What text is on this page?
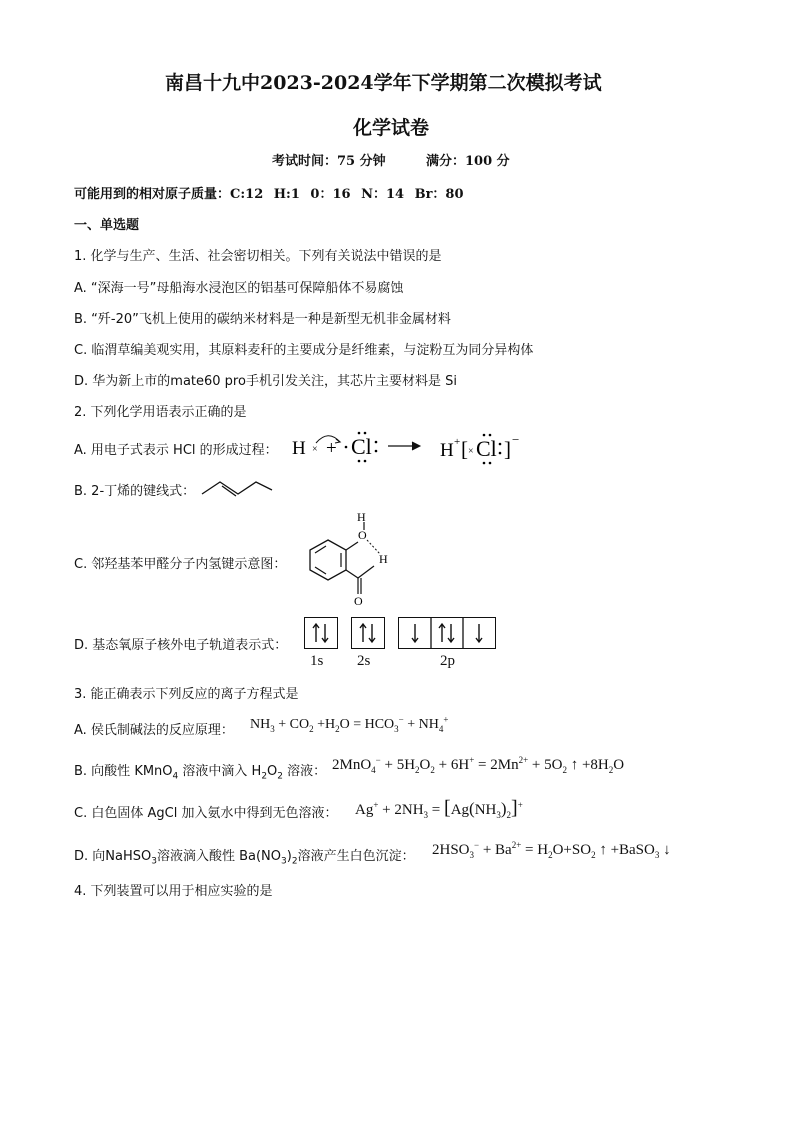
南昌十九中2023-2024学年下学期第二次模拟考试
化学试卷
考试时间：75 分钟	满分：100 分
可能用到的相对原子质量：C:12 H:1 0：16 N：14 Br：80
一、单选题
1. 化学与生产、生活、社会密切相关。下列有关说法中错误的是
A. “深海一号”母船海水浸泡区的铝基可保障船体不易腐蚀
B. “歼-20”飞机上使用的碳纳米材料是一种是新型无机非金属材料
C. 临渭草编美观实用，其原料麦秆的主要成分是纤维素，与淀粉互为同分异构体
D. 华为新上市的mate60 pro手机引发关注，其芯片主要材料是 Si
2. 下列化学用语表示正确的是
A. 用电子式表示 HCl 的形成过程： H × + Cl	H + [ × Cl ] −
B. 2-丁烯的键线式：
C. 邻羟基苯甲醛分子内氢键示意图：
H
O
H
O
D. 基态氧原子核外电子轨道表示式：
1s 2s	2p
3. 能正确表示下列反应的离子方程式是
A. 侯氏制碱法的反应原理： $NH_3 + CO_2 +H_2O = HCO_3^- + NH_4^+$
B. 向酸性 KMnO$_4$ 溶液中滴入 $H_2O_2$ 溶液： $2MnO_4^- + 5H_2O_2 + 6H^+ = 2Mn^{2+} + 5O_2$ ↑ $+8H_2O$
C. 白色固体 AgCl 加入氨水中得到无色溶液： $Ag^+ + 2NH_3 = [Ag(NH_3)_2]^+$
D. 向NaHSO$_3$溶液滴入酸性 $Ba(NO_3)_2$溶液产生白色沉淀： $2HSO_3^- + Ba^{2+} = H_2O+SO_2$ ↑ +BaSO$_3$ ↓
4. 下列装置可以用于相应实验的是
